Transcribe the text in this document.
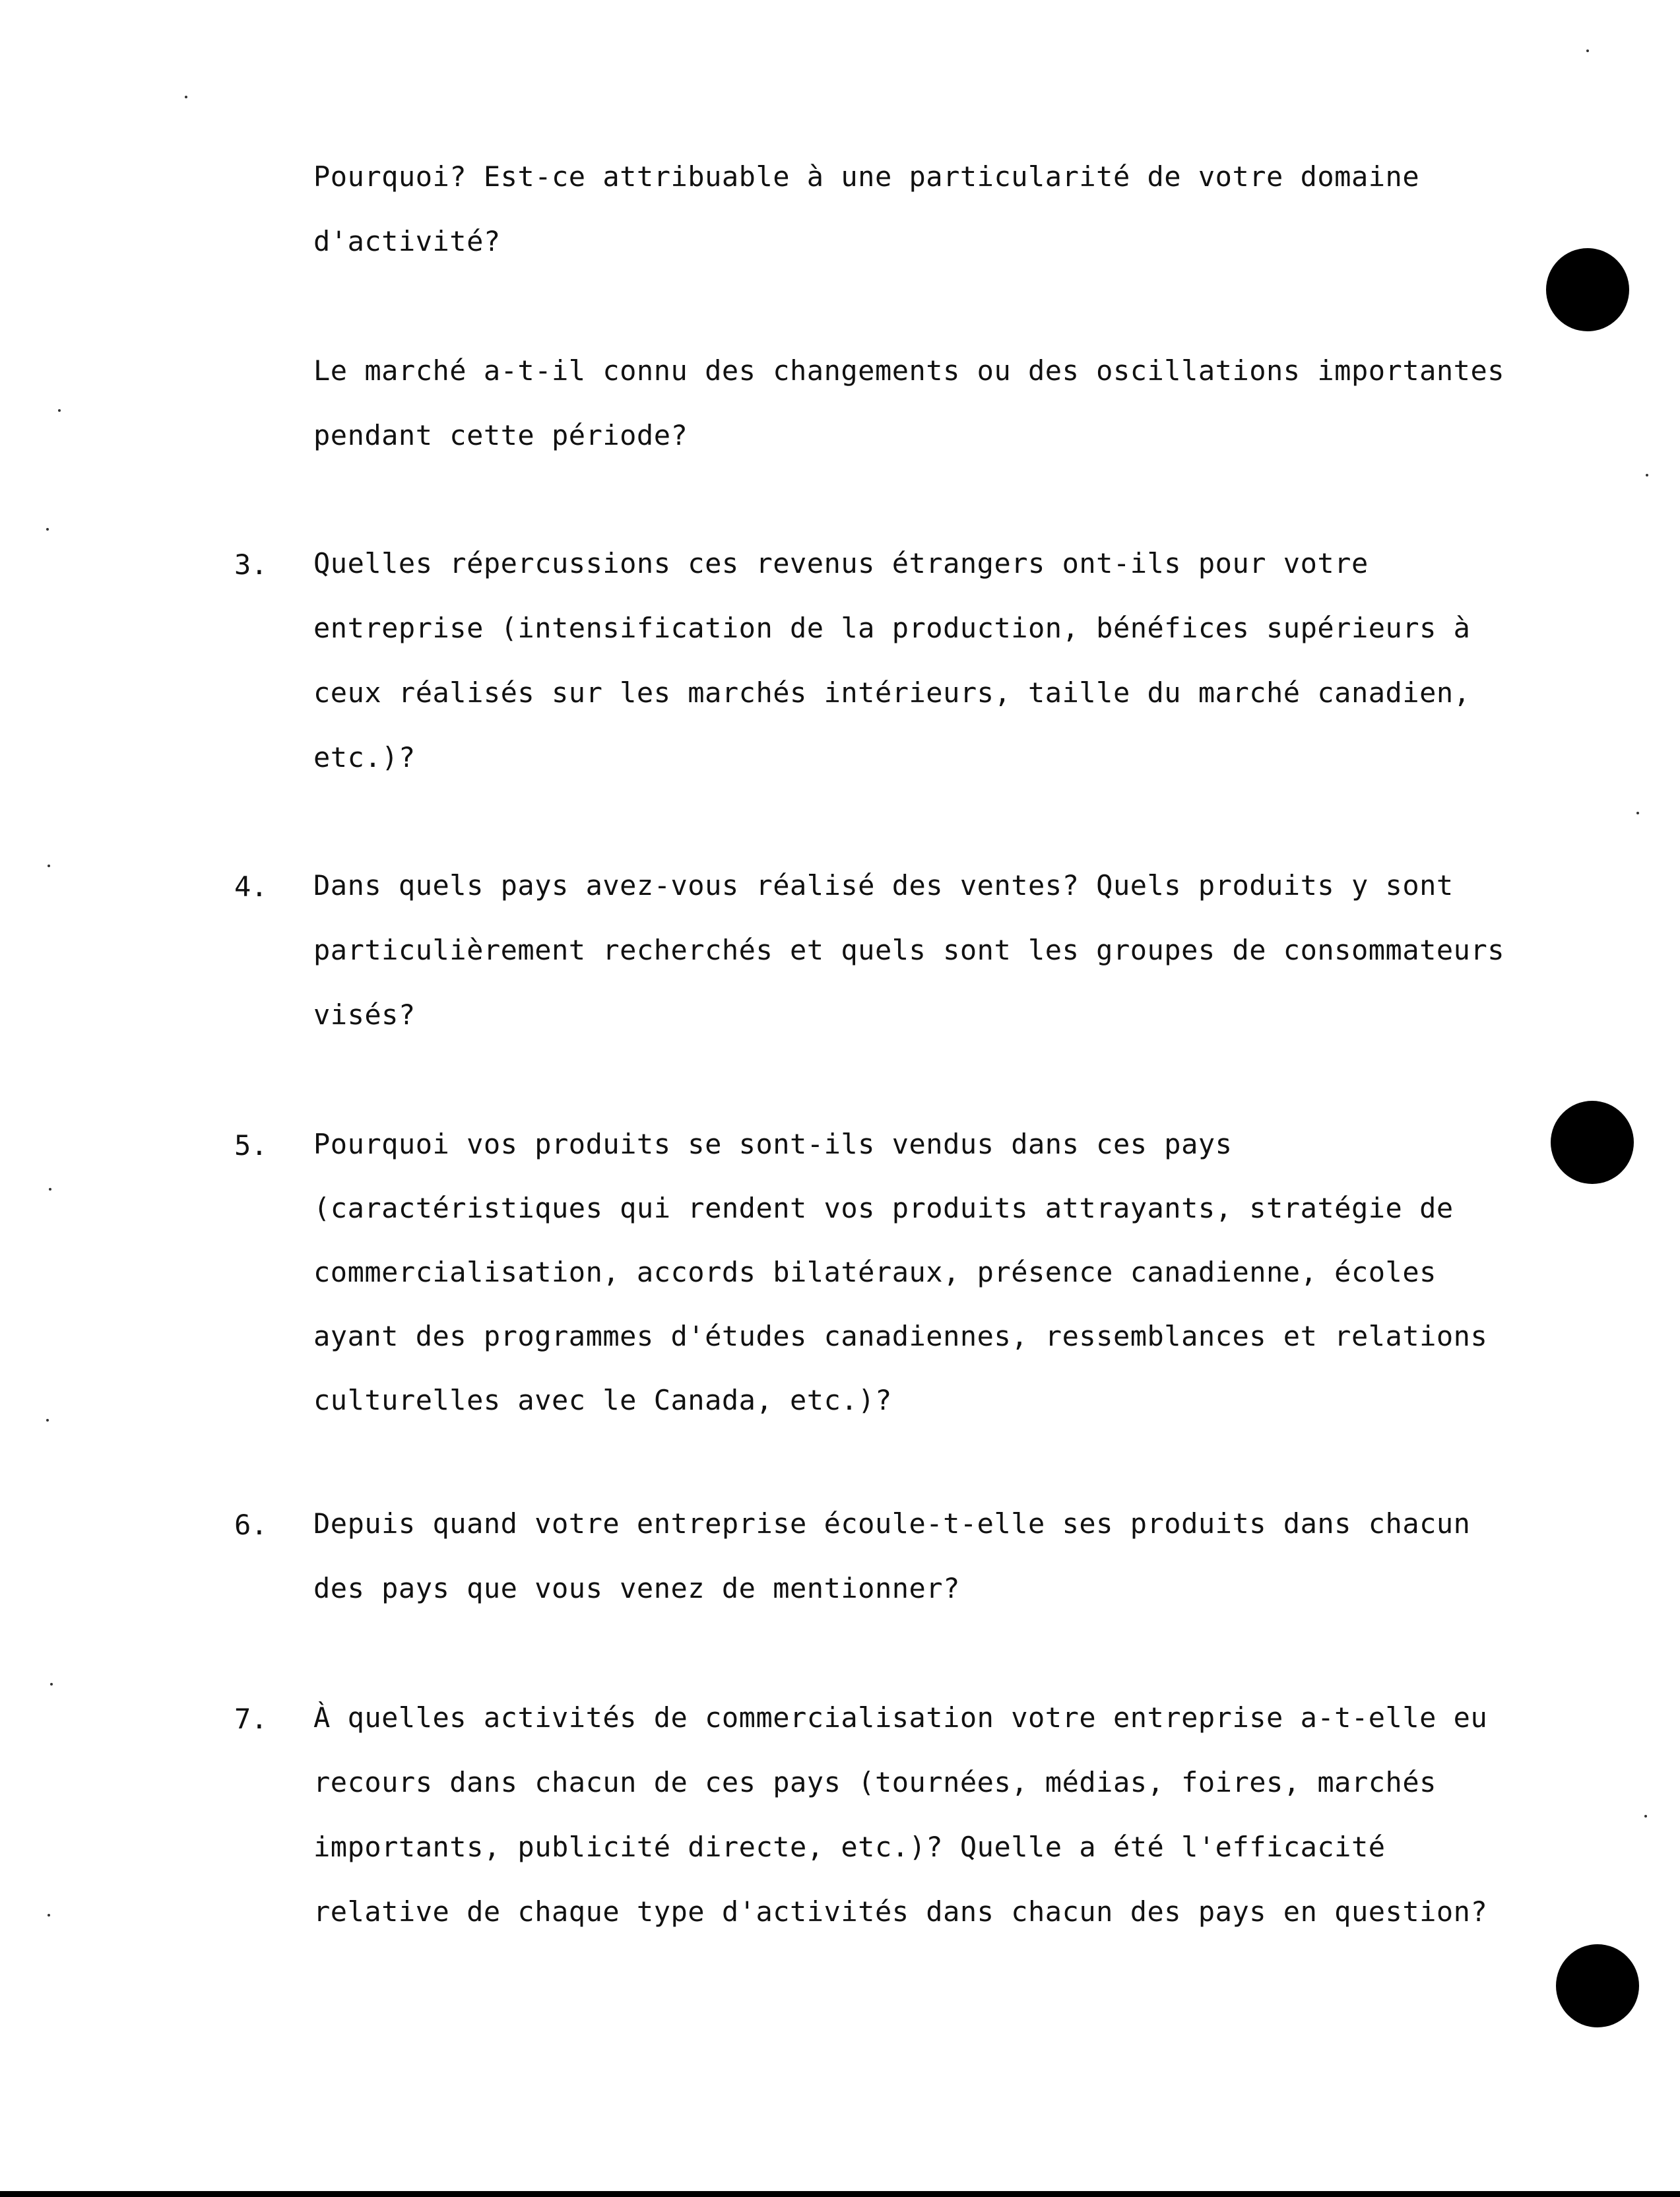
Pourquoi? Est-ce attribuable à une particularité de votre domaine
d'activité?
Le marché a-t-il connu des changements ou des oscillations importantes
pendant cette période?
3. Quelles répercussions ces revenus étrangers ont-ils pour votre
entreprise (intensification de la production, bénéfices supérieurs à
ceux réalisés sur les marchés intérieurs, taille du marché canadien,
etc.)?
4. Dans quels pays avez-vous réalisé des ventes? Quels produits y sont
particulièrement recherchés et quels sont les groupes de consommateurs
visés?
5. Pourquoi vos produits se sont-ils vendus dans ces pays
(caractéristiques qui rendent vos produits attrayants, stratégie de
commercialisation, accords bilatéraux, présence canadienne, écoles
ayant des programmes d'études canadiennes, ressemblances et relations
culturelles avec le Canada, etc.)?
6. Depuis quand votre entreprise écoule-t-elle ses produits dans chacun
des pays que vous venez de mentionner?
7. À quelles activités de commercialisation votre entreprise a-t-elle eu
recours dans chacun de ces pays (tournées, médias, foires, marchés
importants, publicité directe, etc.)? Quelle a été l'efficacité
relative de chaque type d'activités dans chacun des pays en question?
